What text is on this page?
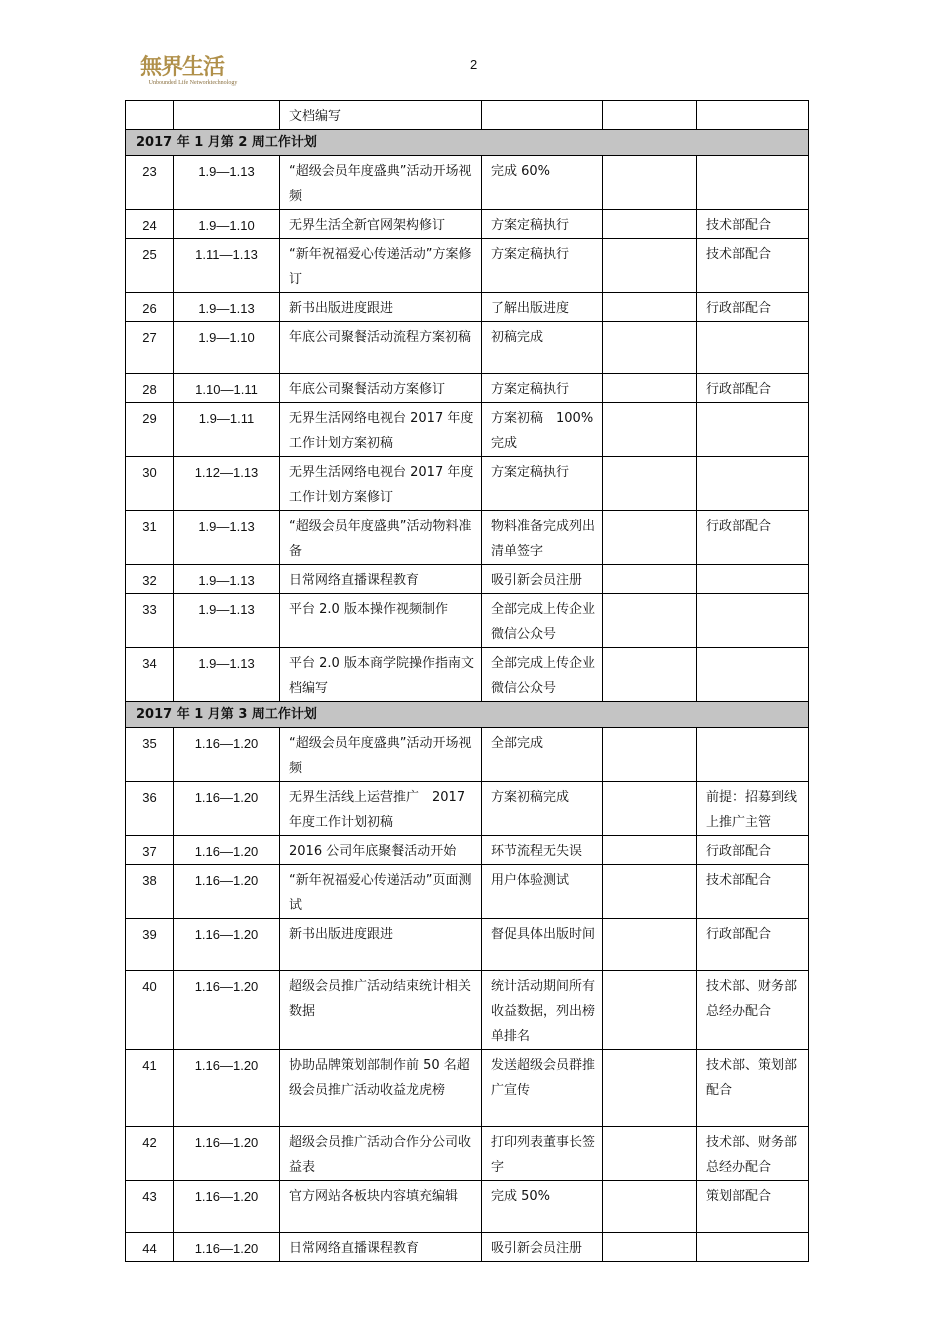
無界生活
Unbounded Life Networktechnology
2
		文档编写			
2017 年 1 月第 2 周工作计划					
23	1.9—1.13	“超级会员年度盛典”活动开场视频	完成 60%		
24	1.9—1.10	无界生活全新官网架构修订	方案定稿执行		技术部配合
25	1.11—1.13	“新年祝福爱心传递活动”方案修订	方案定稿执行		技术部配合
26	1.9—1.13	新书出版进度跟进	了解出版进度		行政部配合
27	1.9—1.10	年底公司聚餐活动流程方案初稿	初稿完成		
28	1.10—1.11	年底公司聚餐活动方案修订	方案定稿执行		行政部配合
29	1.9—1.11	无界生活网络电视台 2017 年度工作计划方案初稿	方案初稿　100%完成		
30	1.12—1.13	无界生活网络电视台 2017 年度工作计划方案修订	方案定稿执行		
31	1.9—1.13	“超级会员年度盛典”活动物料准备	物料准备完成列出清单签字		行政部配合
32	1.9—1.13	日常网络直播课程教育	吸引新会员注册		
33	1.9—1.13	平台 2.0 版本操作视频制作	全部完成上传企业微信公众号		
34	1.9—1.13	平台 2.0 版本商学院操作指南文档编写	全部完成上传企业微信公众号		
2017 年 1 月第 3 周工作计划					
35	1.16—1.20	“超级会员年度盛典”活动开场视频	全部完成		
36	1.16—1.20	无界生活线上运营推广　2017年度工作计划初稿	方案初稿完成		前提：招募到线上推广主管
37	1.16—1.20	2016 公司年底聚餐活动开始	环节流程无失误		行政部配合
38	1.16—1.20	“新年祝福爱心传递活动”页面测试	用户体验测试		技术部配合
39	1.16—1.20	新书出版进度跟进	督促具体出版时间		行政部配合
40	1.16—1.20	超级会员推广活动结束统计相关数据	统计活动期间所有收益数据，列出榜单排名		技术部、财务部总经办配合
41	1.16—1.20	协助品牌策划部制作前 50 名超级会员推广活动收益龙虎榜	发送超级会员群推广宣传		技术部、策划部配合
42	1.16—1.20	超级会员推广活动合作分公司收益表	打印列表董事长签字		技术部、财务部总经办配合
43	1.16—1.20	官方网站各板块内容填充编辑	完成 50%		策划部配合
44	1.16—1.20	日常网络直播课程教育	吸引新会员注册		
